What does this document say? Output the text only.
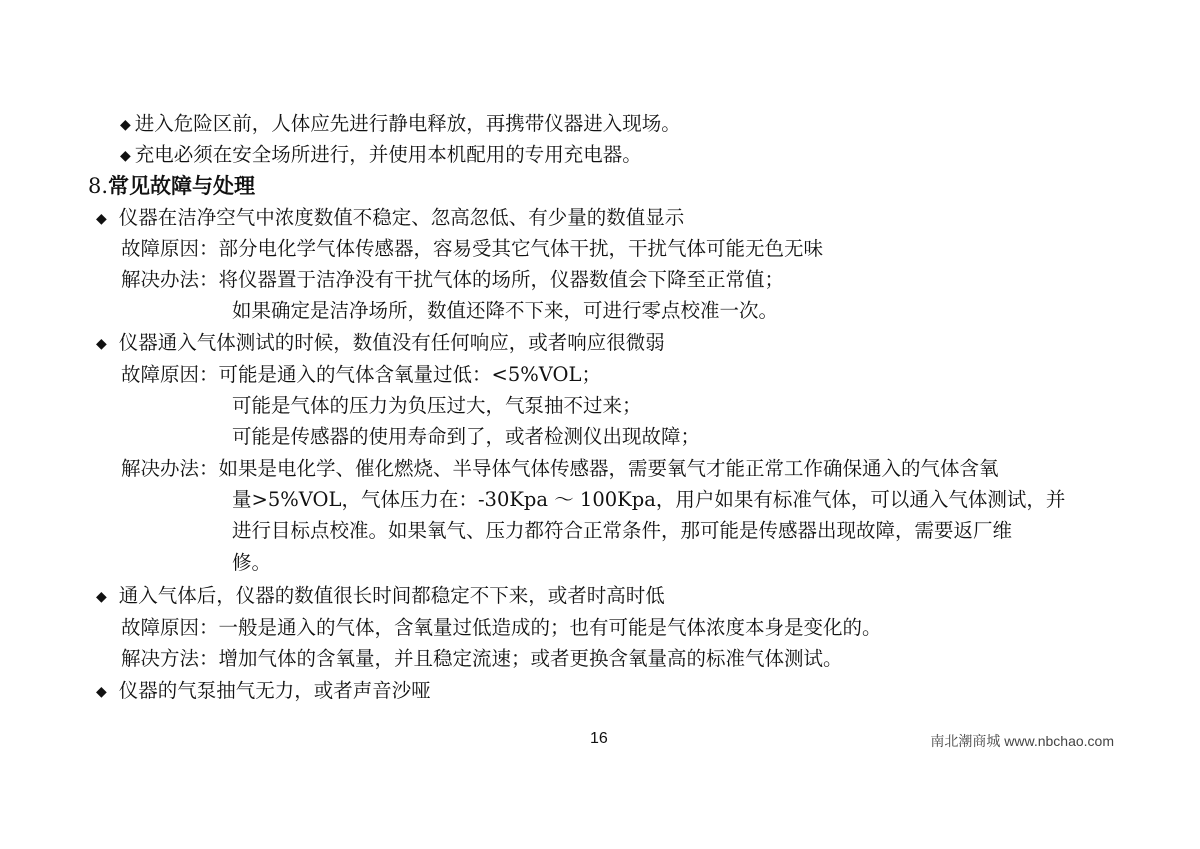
◆ 进入危险区前，人体应先进行静电释放，再携带仪器进入现场。
◆ 充电必须在安全场所进行，并使用本机配用的专用充电器。
8.常见故障与处理
◆ 仪器在洁净空气中浓度数值不稳定、忽高忽低、有少量的数值显示
故障原因：部分电化学气体传感器，容易受其它气体干扰，干扰气体可能无色无味
解决办法：将仪器置于洁净没有干扰气体的场所，仪器数值会下降至正常值；
如果确定是洁净场所，数值还降不下来，可进行零点校准一次。
◆ 仪器通入气体测试的时候，数值没有任何响应，或者响应很微弱
故障原因：可能是通入的气体含氧量过低：<5%VOL；
可能是气体的压力为负压过大，气泵抽不过来；
可能是传感器的使用寿命到了，或者检测仪出现故障；
解决办法：如果是电化学、催化燃烧、半导体气体传感器，需要氧气才能正常工作确保通入的气体含氧
量>5%VOL，气体压力在：-30Kpa ～ 100Kpa，用户如果有标准气体，可以通入气体测试，并
进行目标点校准。如果氧气、压力都符合正常条件，那可能是传感器出现故障，需要返厂维
修。
◆ 通入气体后，仪器的数值很长时间都稳定不下来，或者时高时低
故障原因：一般是通入的气体，含氧量过低造成的；也有可能是气体浓度本身是变化的。
解决方法：增加气体的含氧量，并且稳定流速；或者更换含氧量高的标准气体测试。
◆ 仪器的气泵抽气无力，或者声音沙哑
16	南北潮商城 www.nbchao.com
